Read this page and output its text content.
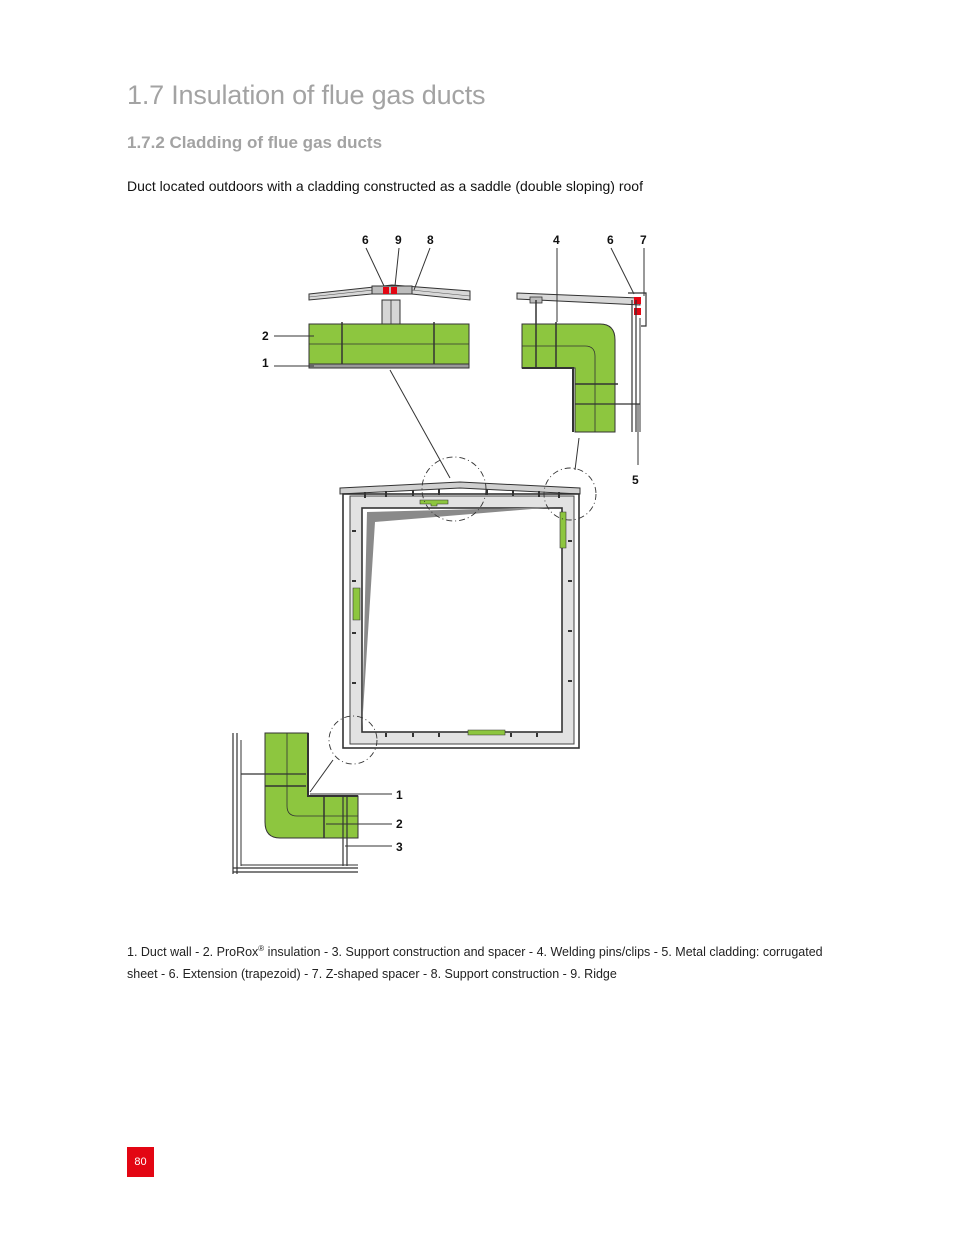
1.7 Insulation of flue gas ducts
1.7.2 Cladding of flue gas ducts

Duct located outdoors with a cladding constructed as a saddle (double sloping) roof

6 9 8
2
1
4	6 7
5
1
2
3

1. Duct wall - 2. ProRox® insulation - 3. Support construction and spacer - 4. Welding pins/clips - 5. Metal cladding: corrugated sheet - 6. Extension (trapezoid) - 7. Z-shaped spacer - 8. Support construction - 9. Ridge

80
